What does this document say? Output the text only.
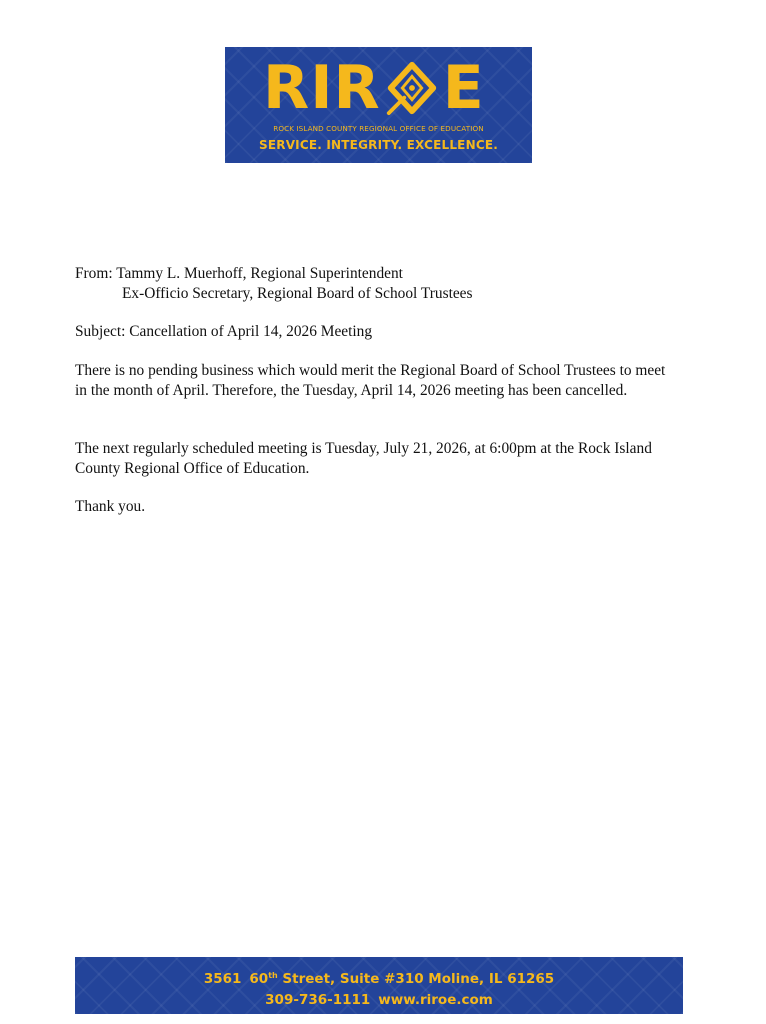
RIR E
ROCK ISLAND COUNTY REGIONAL OFFICE OF EDUCATION
SERVICE. INTEGRITY. EXCELLENCE.
From: Tammy L. Muerhoff, Regional Superintendent
Ex-Officio Secretary, Regional Board of School Trustees
Subject: Cancellation of April 14, 2026 Meeting
There is no pending business which would merit the Regional Board of School Trustees to meet in the month of April. Therefore, the Tuesday, April 14, 2026 meeting has been cancelled.
The next regularly scheduled meeting is Tuesday, July 21, 2026, at 6:00pm at the Rock Island County Regional Office of Education.
Thank you.
3561 60th Street, Suite #310 Moline, IL 61265
309-736-1111 www.riroe.com
